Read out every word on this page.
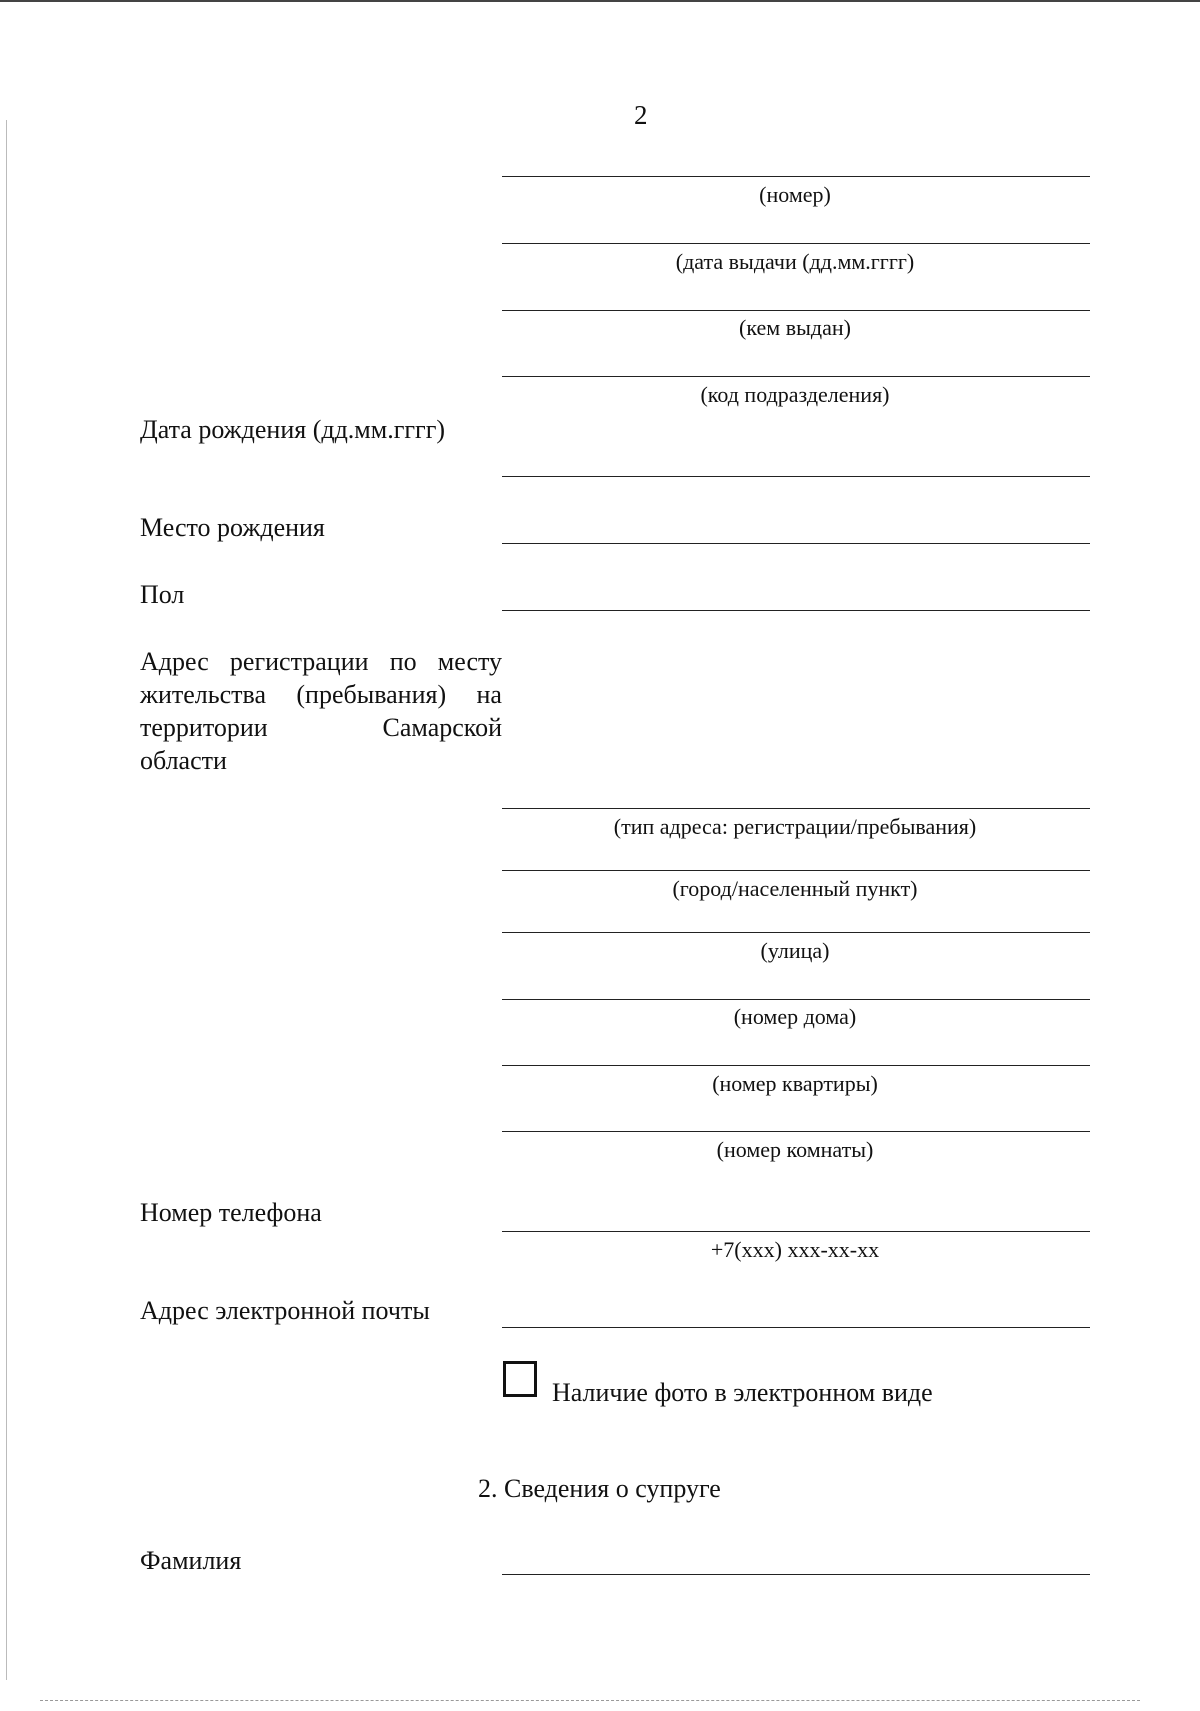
2
(номер)
(дата выдачи (дд.мм.гггг)
(кем выдан)
(код подразделения)
Дата рождения (дд.мм.гггг)
Место рождения
Пол
Адрес регистрации по месту
жительства (пребывания) на
территории	Самарской
области
(тип адреса: регистрации/пребывания)
(город/населенный пункт)
(улица)
(номер дома)
(номер квартиры)
(номер комнаты)
Номер телефона
+7(xxx) xxx-xx-xx
Адрес электронной почты
Наличие фото в электронном виде
2. Сведения о супруге
Фамилия
